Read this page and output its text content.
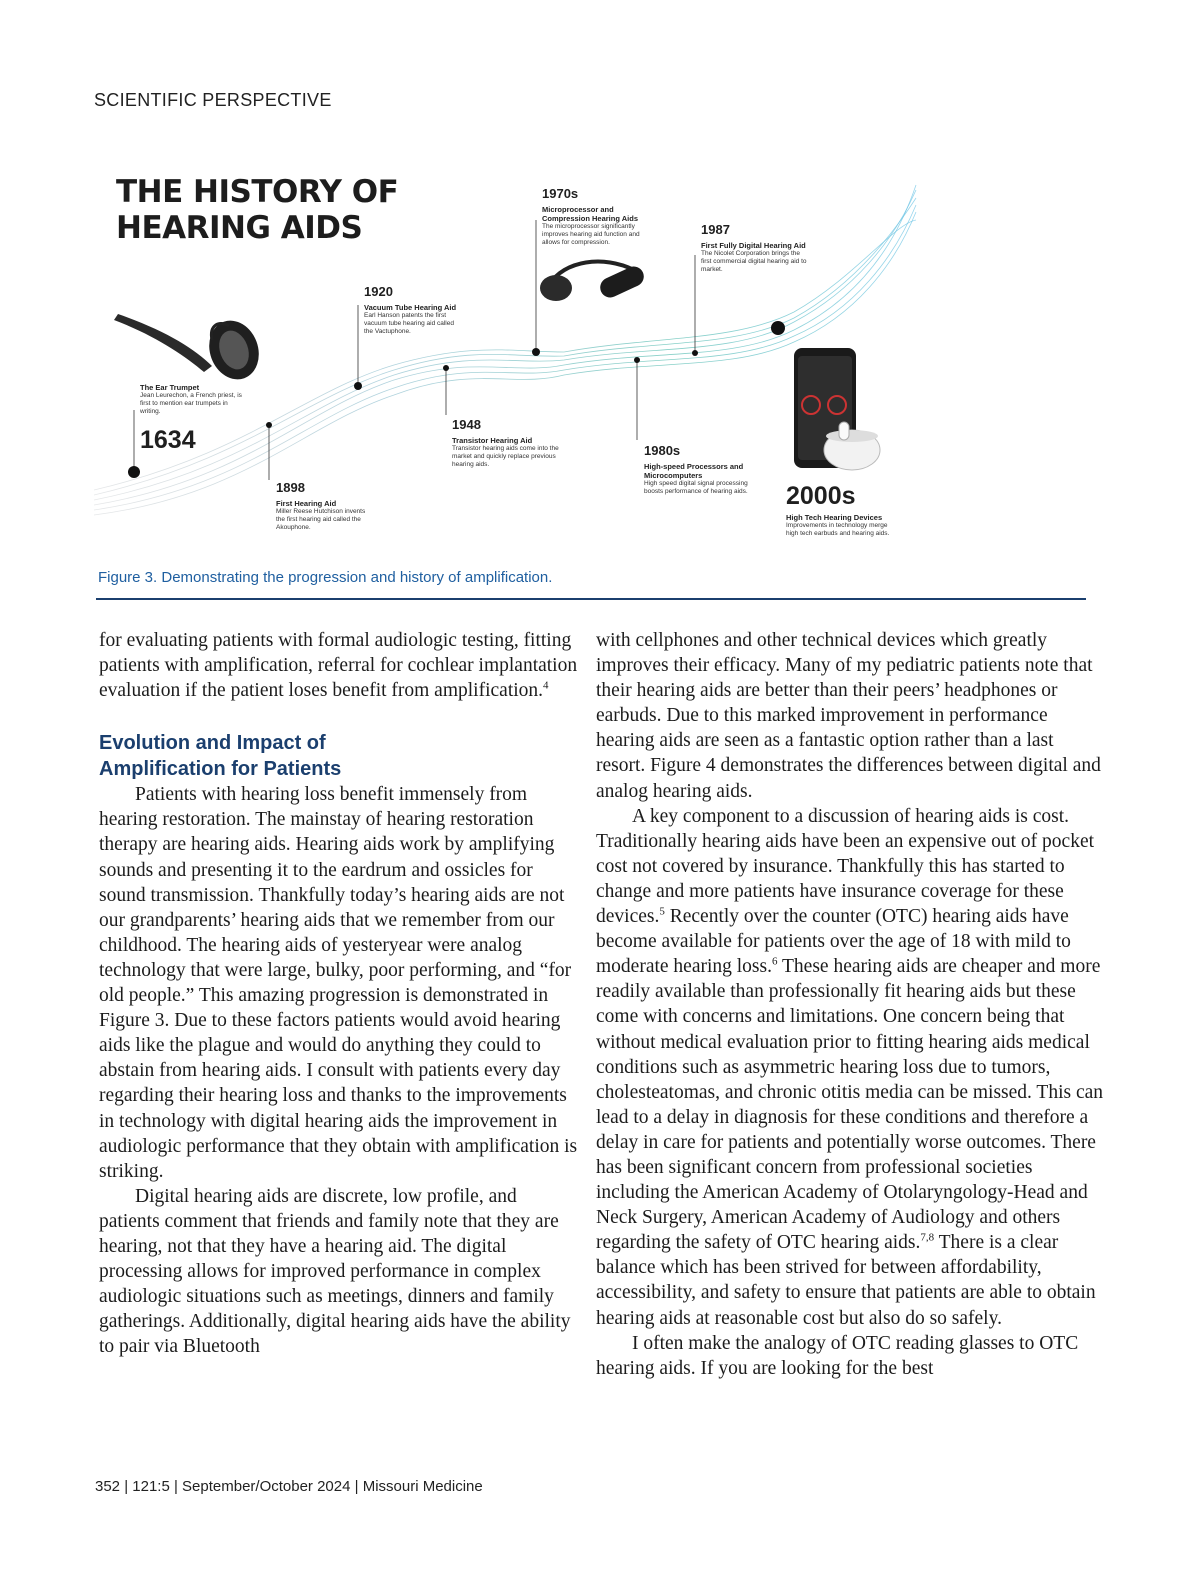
SCIENTIFIC PERSPECTIVE
THE HISTORY OF
HEARING AIDS
The Ear Trumpet
Jean Leurechon, a French priest, is first to mention ear trumpets in writing.
1634
1898
First Hearing Aid
Miller Reese Hutchison invents the first hearing aid called the Akouphone.
1920
Vacuum Tube Hearing Aid
Earl Hanson patents the first vacuum tube hearing aid called the Vactuphone.
1948
Transistor Hearing Aid
Transistor hearing aids come into the market and quickly replace previous hearing aids.
1970s
Microprocessor and Compression Hearing Aids
The microprocessor significantly improves hearing aid function and allows for compression.
1980s
High-speed Processors and Microcomputers
High speed digital signal processing boosts performance of hearing aids.
1987
First Fully Digital Hearing Aid
The Nicolet Corporation brings the first commercial digital hearing aid to market.
2000s
High Tech Hearing Devices
Improvements in technology merge high tech earbuds and hearing aids.
Figure 3. Demonstrating the progression and history of amplification.

for evaluating patients with formal audiologic testing, fitting patients with amplification, referral for cochlear implantation evaluation if the patient loses benefit from amplification.$^4$

Evolution and Impact of
Amplification for Patients

Patients with hearing loss benefit immensely from hearing restoration. The mainstay of hearing restoration therapy are hearing aids. Hearing aids work by amplifying sounds and presenting it to the eardrum and ossicles for sound transmission. Thankfully today’s hearing aids are not our grandparents’ hearing aids that we remember from our childhood. The hearing aids of yesteryear were analog technology that were large, bulky, poor performing, and “for old people.” This amazing progression is demonstrated in Figure 3. Due to these factors patients would avoid hearing aids like the plague and would do anything they could to abstain from hearing aids. I consult with patients every day regarding their hearing loss and thanks to the improvements in technology with digital hearing aids the improvement in audiologic performance that they obtain with amplification is striking.

Digital hearing aids are discrete, low profile, and patients comment that friends and family note that they are hearing, not that they have a hearing aid. The digital processing allows for improved performance in complex audiologic situations such as meetings, dinners and family gatherings. Additionally, digital hearing aids have the ability to pair via Bluetooth

with cellphones and other technical devices which greatly improves their efficacy. Many of my pediatric patients note that their hearing aids are better than their peers’ headphones or earbuds. Due to this marked improvement in performance hearing aids are seen as a fantastic option rather than a last resort. Figure 4 demonstrates the differences between digital and analog hearing aids.

A key component to a discussion of hearing aids is cost. Traditionally hearing aids have been an expensive out of pocket cost not covered by insurance. Thankfully this has started to change and more patients have insurance coverage for these devices.$^5$ Recently over the counter (OTC) hearing aids have become available for patients over the age of 18 with mild to moderate hearing loss.$^6$ These hearing aids are cheaper and more readily available than professionally fit hearing aids but these come with concerns and limitations. One concern being that without medical evaluation prior to fitting hearing aids medical conditions such as asymmetric hearing loss due to tumors, cholesteatomas, and chronic otitis media can be missed. This can lead to a delay in diagnosis for these conditions and therefore a delay in care for patients and potentially worse outcomes. There has been significant concern from professional societies including the American Academy of Otolaryngology-Head and Neck Surgery, American Academy of Audiology and others regarding the safety of OTC hearing aids.$^{7,8}$ There is a clear balance which has been strived for between affordability, accessibility, and safety to ensure that patients are able to obtain hearing aids at reasonable cost but also do so safely.

I often make the analogy of OTC reading glasses to OTC hearing aids. If you are looking for the best

352 | 121:5 | September/October 2024 | Missouri Medicine
